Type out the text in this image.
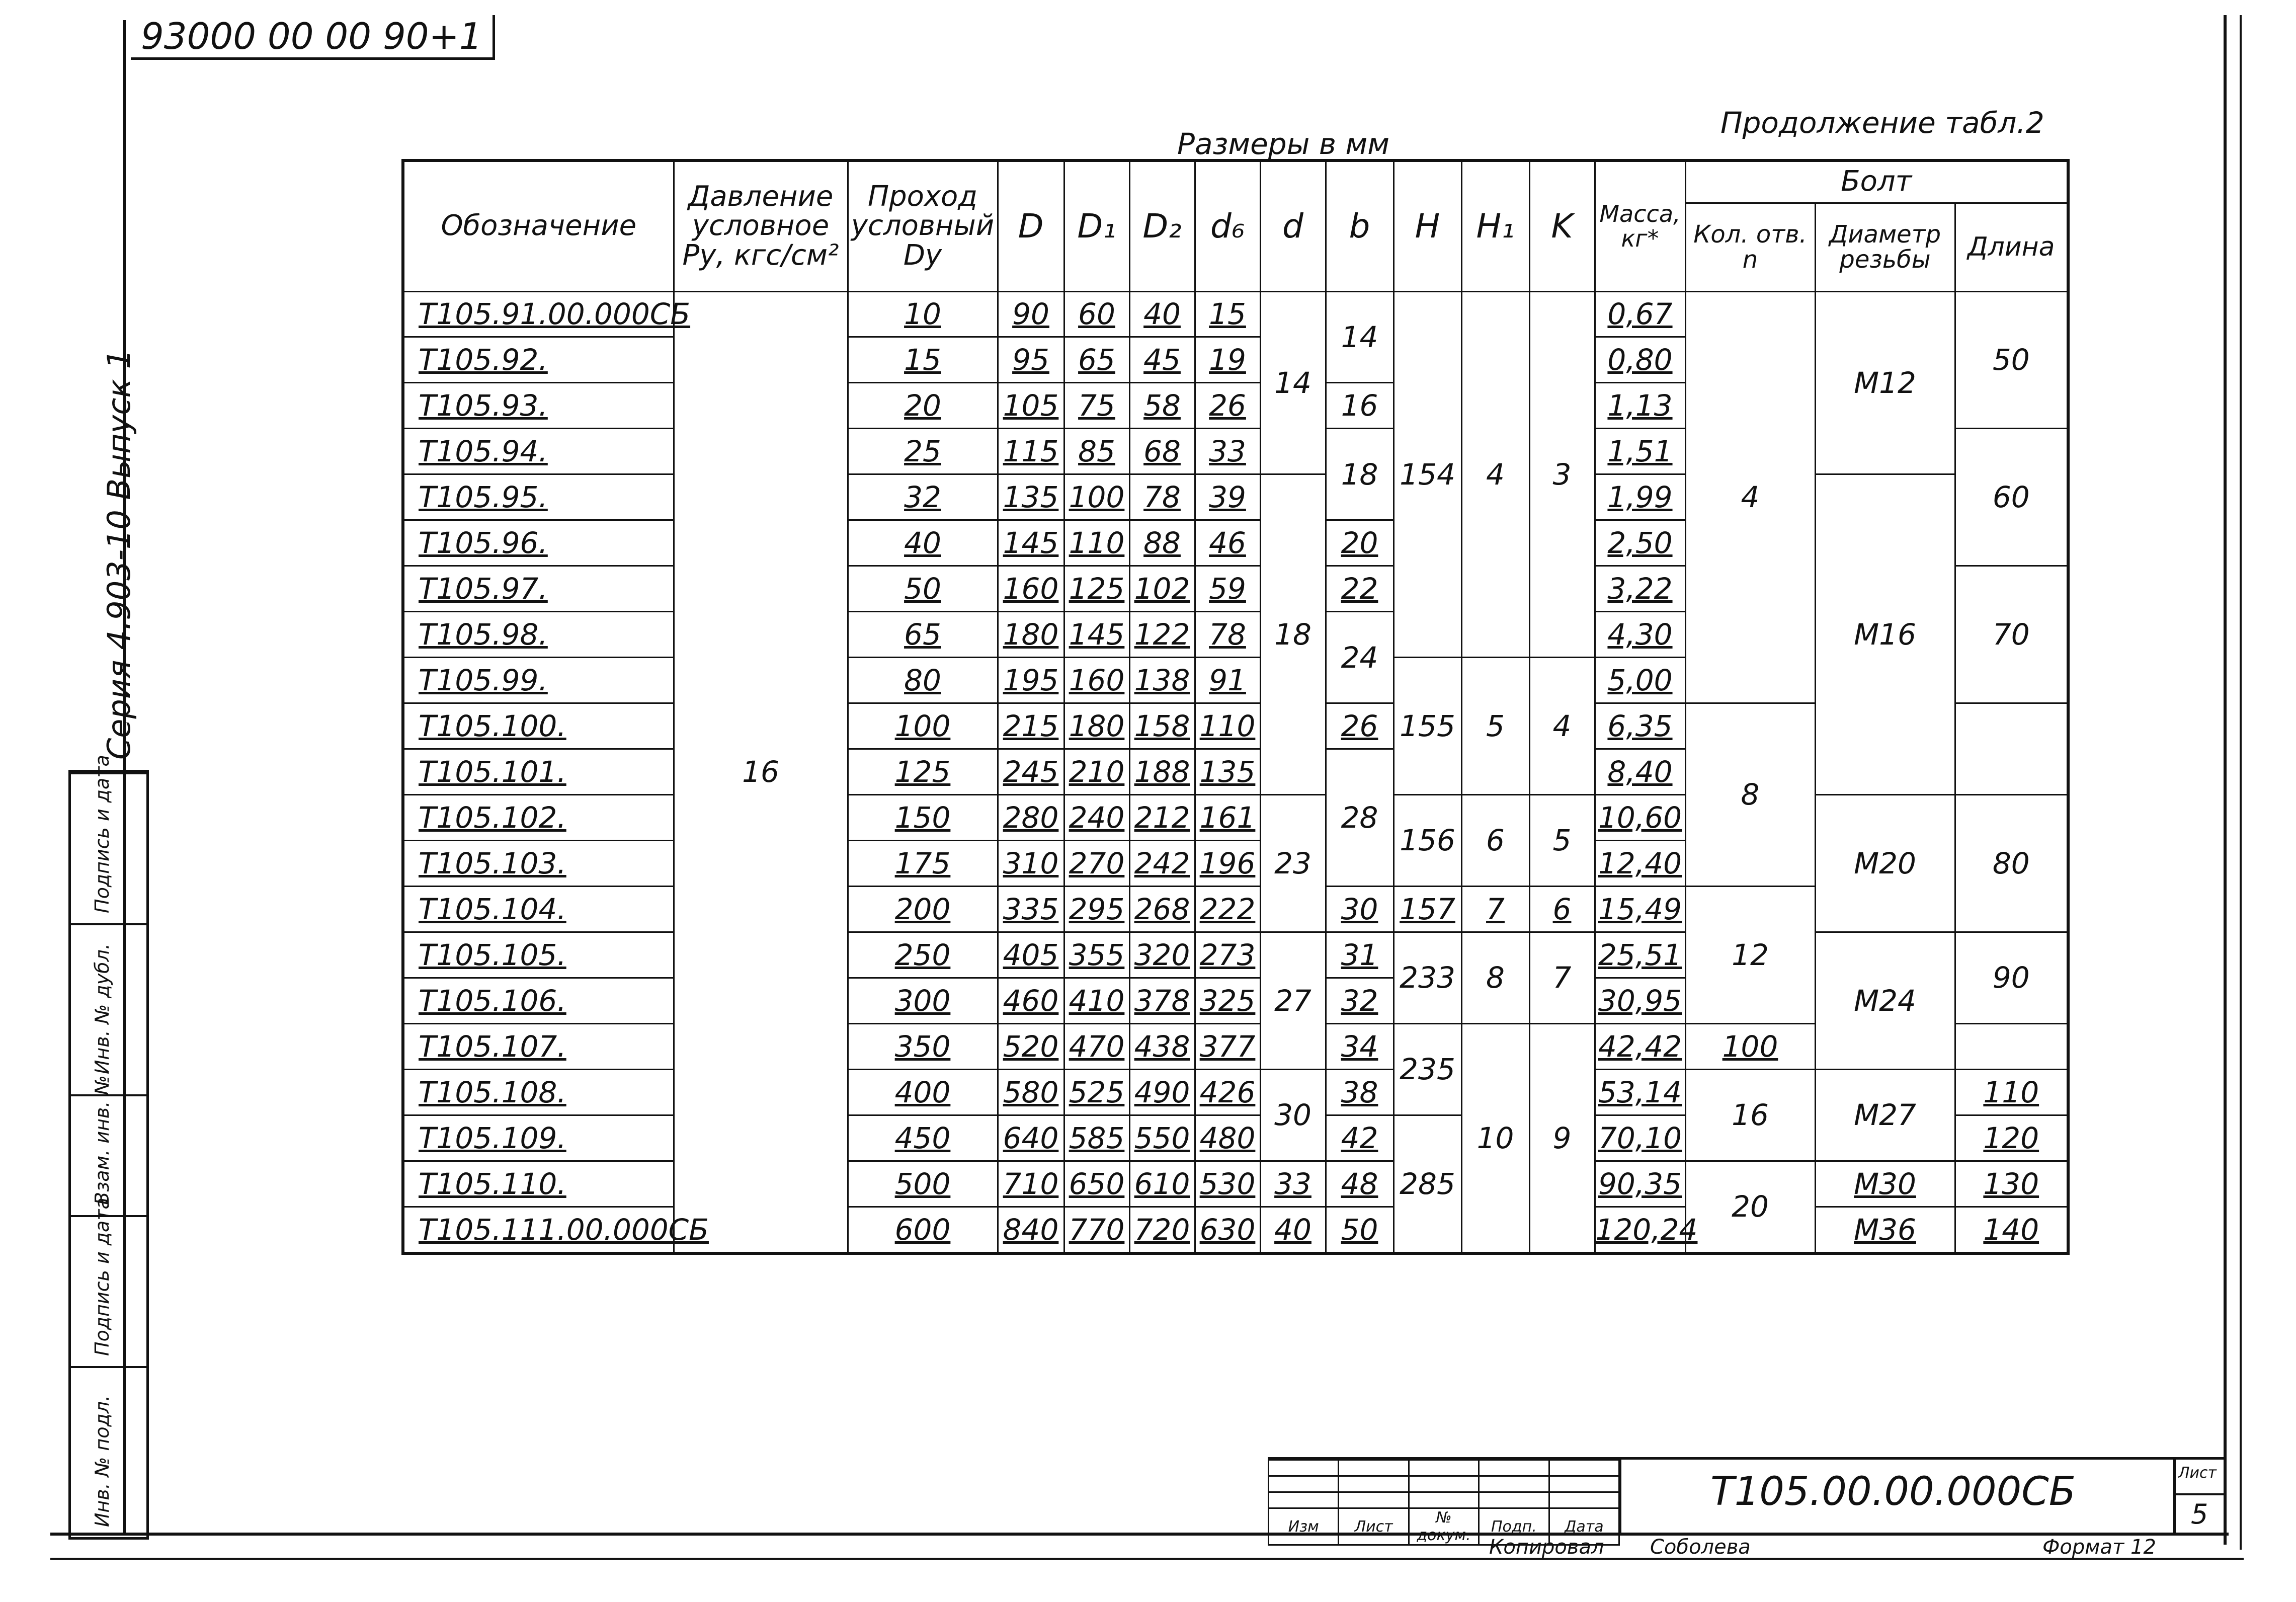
93000 00 00 90+1
Серия 4.903-10 Выпуск 1
Подпись и дата
Инв. № дубл.
Взам. инв. №
Подпись и дата
Инв. № подл.
Размеры в мм
Продолжение табл.2
Обозначение	Давление условное Ру, кгс/см²	Проход условный Dу	D	D₁	D₂	d₆	d	b	H	H₁	K	Масса, кг*	Болт		
													Кол. отв. n	Диаметр резьбы	Длина
Т105.91.00.000СБ	16	10	90	60	40	15	14	14	154	4	3	0,67	4	М12	50
Т105.92.		15	95	65	45	19						0,80			
Т105.93.		20	105	75	58	26		16				1,13			
Т105.94.		25	115	85	68	33		18				1,51			60
Т105.95.		32	135	100	78	39	18					1,99		М16	
Т105.96.		40	145	110	88	46		20				2,50			
Т105.97.		50	160	125	102	59		22				3,22			70
Т105.98.		65	180	145	122	78		24				4,30			
Т105.99.		80	195	160	138	91			155	5	4	5,00			
Т105.100.		100	215	180	158	110		26				6,35	8		
Т105.101.		125	245	210	188	135		28				8,40			
Т105.102.		150	280	240	212	161	23		156	6	5	10,60		М20	80
Т105.103.		175	310	270	242	196						12,40			
Т105.104.		200	335	295	268	222		30	157	7	6	15,49	12		
Т105.105.		250	405	355	320	273	27	31	233	8	7	25,51		М24	90
Т105.106.		300	460	410	378	325		32				30,95			
Т105.107.		350	520	470	438	377		34	235	10	9	42,42	100		
Т105.108.		400	580	525	490	426	30	38				53,14	16	М27	110
Т105.109.		450	640	585	550	480		42	285			70,10			120
Т105.110.		500	710	650	610	530	33	48				90,35	20	М30	130
Т105.111.00.000СБ		600	840	770	720	630	40	50				120,24		М36	140

Изм	Лист	№ докум.	Подп.	Дата
Т105.00.00.000СБ	Лист
5
Копировал Соболева	Формат 12
